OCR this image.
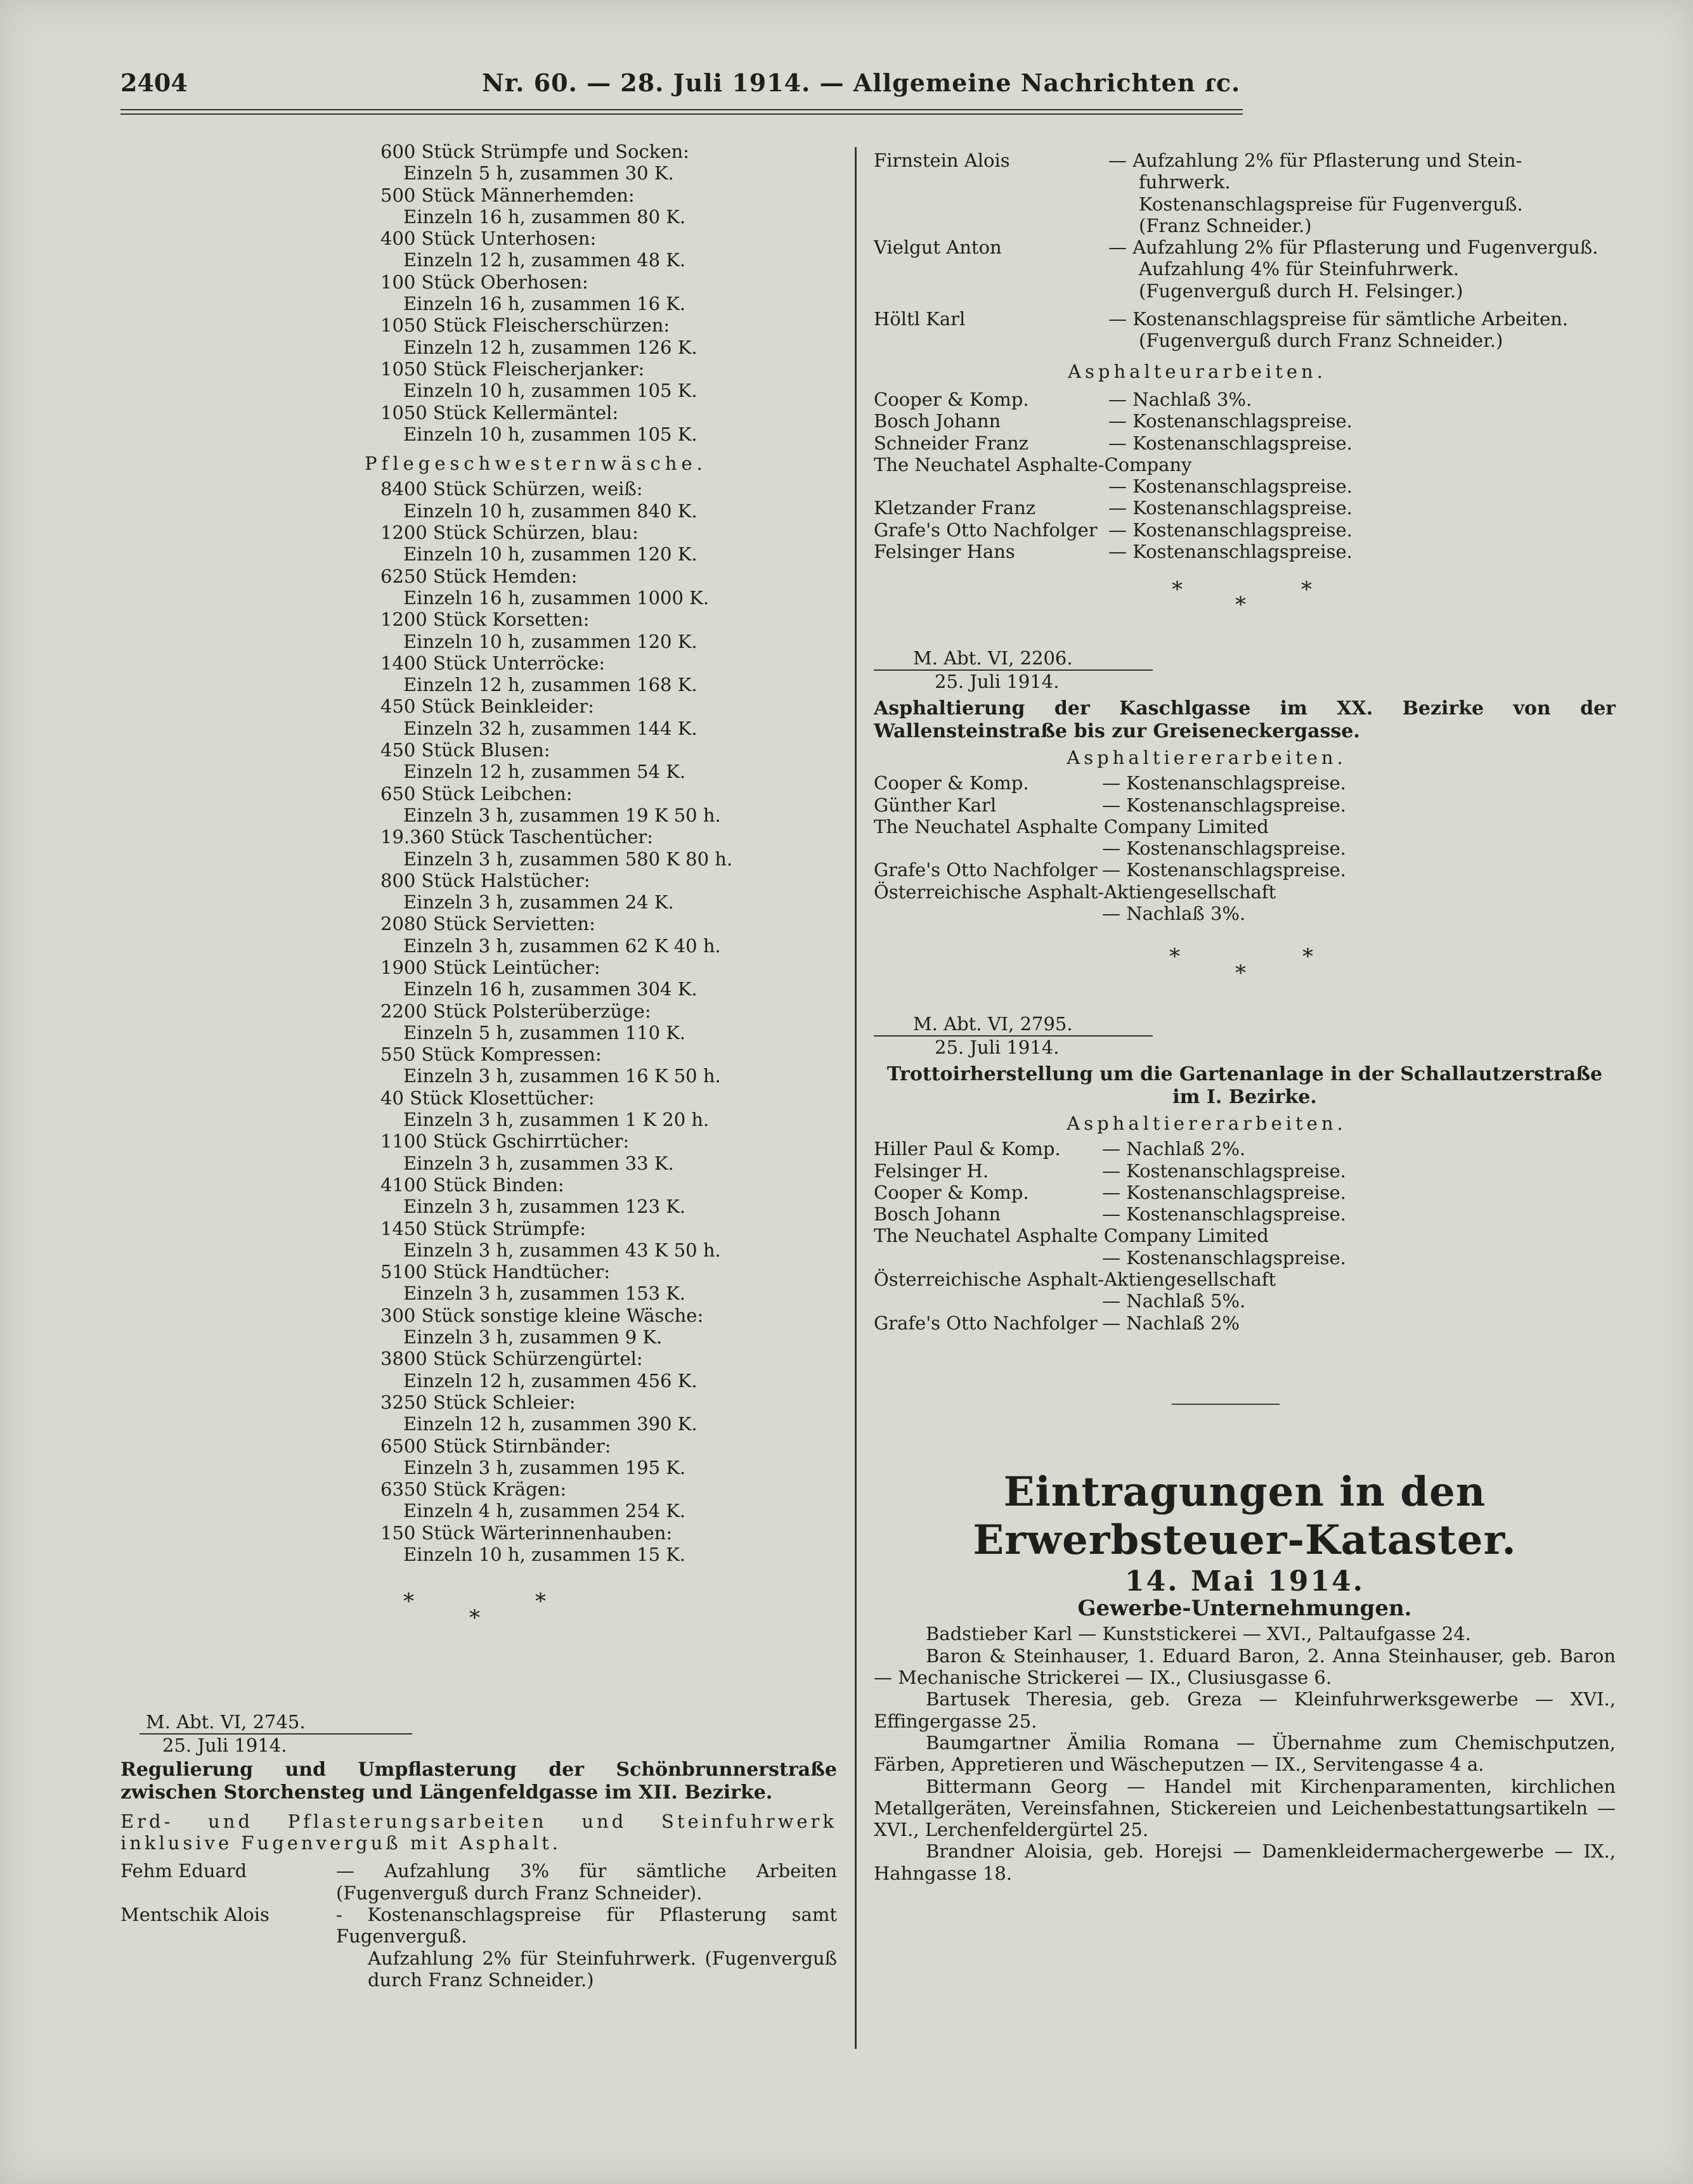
2404	Nr. 60. — 28. Juli 1914. — Allgemeine Nachrichten ɾc.
600 Stück Strümpfe und Socken:
Einzeln 5 h, zusammen 30 K.
500 Stück Männerhemden:
Einzeln 16 h, zusammen 80 K.
400 Stück Unterhosen:
Einzeln 12 h, zusammen 48 K.
100 Stück Oberhosen:
Einzeln 16 h, zusammen 16 K.
1050 Stück Fleischerschürzen:
Einzeln 12 h, zusammen 126 K.
1050 Stück Fleischerjanker:
Einzeln 10 h, zusammen 105 K.
1050 Stück Kellermäntel:
Einzeln 10 h, zusammen 105 K.
Pflegeschwesternwäsche.
8400 Stück Schürzen, weiß:
Einzeln 10 h, zusammen 840 K.
1200 Stück Schürzen, blau:
Einzeln 10 h, zusammen 120 K.
6250 Stück Hemden:
Einzeln 16 h, zusammen 1000 K.
1200 Stück Korsetten:
Einzeln 10 h, zusammen 120 K.
1400 Stück Unterröcke:
Einzeln 12 h, zusammen 168 K.
450 Stück Beinkleider:
Einzeln 32 h, zusammen 144 K.
450 Stück Blusen:
Einzeln 12 h, zusammen 54 K.
650 Stück Leibchen:
Einzeln 3 h, zusammen 19 K 50 h.
19.360 Stück Taschentücher:
Einzeln 3 h, zusammen 580 K 80 h.
800 Stück Halstücher:
Einzeln 3 h, zusammen 24 K.
2080 Stück Servietten:
Einzeln 3 h, zusammen 62 K 40 h.
1900 Stück Leintücher:
Einzeln 16 h, zusammen 304 K.
2200 Stück Polsterüberzüge:
Einzeln 5 h, zusammen 110 K.
550 Stück Kompressen:
Einzeln 3 h, zusammen 16 K 50 h.
40 Stück Klosettücher:
Einzeln 3 h, zusammen 1 K 20 h.
1100 Stück Gschirrtücher:
Einzeln 3 h, zusammen 33 K.
4100 Stück Binden:
Einzeln 3 h, zusammen 123 K.
1450 Stück Strümpfe:
Einzeln 3 h, zusammen 43 K 50 h.
5100 Stück Handtücher:
Einzeln 3 h, zusammen 153 K.
300 Stück sonstige kleine Wäsche:
Einzeln 3 h, zusammen 9 K.
3800 Stück Schürzengürtel:
Einzeln 12 h, zusammen 456 K.
3250 Stück Schleier:
Einzeln 12 h, zusammen 390 K.
6500 Stück Stirnbänder:
Einzeln 3 h, zusammen 195 K.
6350 Stück Krägen:
Einzeln 4 h, zusammen 254 K.
150 Stück Wärterinnenhauben:
Einzeln 10 h, zusammen 15 K.
*
*
*
M. Abt. VI, 2745.
25. Juli 1914.
Regulierung und Umpflasterung der Schönbrunnerstraße zwischen Storchensteg und Längenfeldgasse im XII. Bezirke.
Erd- und Pflasterungsarbeiten und Steinfuhrwerk inklusive Fugenverguß mit Asphalt.
Fehm Eduard	— Aufzahlung 3% für sämtliche Arbeiten (Fugenverguß durch Franz Schneider).
Mentschik Alois	- Kostenanschlagspreise für Pflasterung samt Fugenverguß.
Aufzahlung 2% für Steinfuhrwerk. (Fugenverguß durch Franz Schneider.)
Firnstein Alois	— Aufzahlung 2% für Pflasterung und Stein-
fuhrwerk.
Kostenanschlagspreise für Fugenverguß.
(Franz Schneider.)
Vielgut Anton	— Aufzahlung 2% für Pflasterung und Fugenverguß.
Aufzahlung 4% für Steinfuhrwerk.
(Fugenverguß durch H. Felsinger.)
Höltl Karl	— Kostenanschlagspreise für sämtliche Arbeiten.
(Fugenverguß durch Franz Schneider.)
Asphalteurarbeiten.
Cooper & Komp.	— Nachlaß 3%.
Bosch Johann	— Kostenanschlagspreise.
Schneider Franz	— Kostenanschlagspreise.
The Neuchatel Asphalte-Company
— Kostenanschlagspreise.
Kletzander Franz	— Kostenanschlagspreise.
Grafe's Otto Nachfolger — Kostenanschlagspreise.
Felsinger Hans	— Kostenanschlagspreise.
*
*
*
M. Abt. VI, 2206.
25. Juli 1914.
Asphaltierung der Kaschlgasse im XX. Bezirke von der Wallensteinstraße bis zur Greiseneckergasse.
Asphaltiererarbeiten.
Cooper & Komp.	— Kostenanschlagspreise.
Günther Karl	— Kostenanschlagspreise.
The Neuchatel Asphalte Company Limited
— Kostenanschlagspreise.
Grafe's Otto Nachfolger — Kostenanschlagspreise.
Österreichische Asphalt-Aktiengesellschaft
— Nachlaß 3%.
*
*
*
M. Abt. VI, 2795.
25. Juli 1914.
Trottoirherstellung um die Gartenanlage in der Schallautzerstraße im I. Bezirke.
Asphaltiererarbeiten.
Hiller Paul & Komp.	— Nachlaß 2%.
Felsinger H.	— Kostenanschlagspreise.
Cooper & Komp.	— Kostenanschlagspreise.
Bosch Johann	— Kostenanschlagspreise.
The Neuchatel Asphalte Company Limited
— Kostenanschlagspreise.
Österreichische Asphalt-Aktiengesellschaft
— Nachlaß 5%.
Grafe's Otto Nachfolger — Nachlaß 2%
Eintragungen in den Erwerbsteuer-Kataster.
14. Mai 1914.
Gewerbe-Unternehmungen.
Badstieber Karl — Kunststickerei — XVI., Paltaufgasse 24.
Baron & Steinhauser, 1. Eduard Baron, 2. Anna Steinhauser, geb. Baron — Mechanische Strickerei — IX., Clusiusgasse 6.
Bartusek Theresia, geb. Greza — Kleinfuhrwerksgewerbe — XVI., Effingergasse 25.
Baumgartner Ämilia Romana — Übernahme zum Chemischputzen, Färben, Appretieren und Wäscheputzen — IX., Servitengasse 4 a.
Bittermann Georg — Handel mit Kirchenparamenten, kirchlichen Metallgeräten, Vereinsfahnen, Stickereien und Leichenbestattungsartikeln — XVI., Lerchenfeldergürtel 25.
Brandner Aloisia, geb. Horejsi — Damenkleidermachergewerbe — IX., Hahngasse 18.
